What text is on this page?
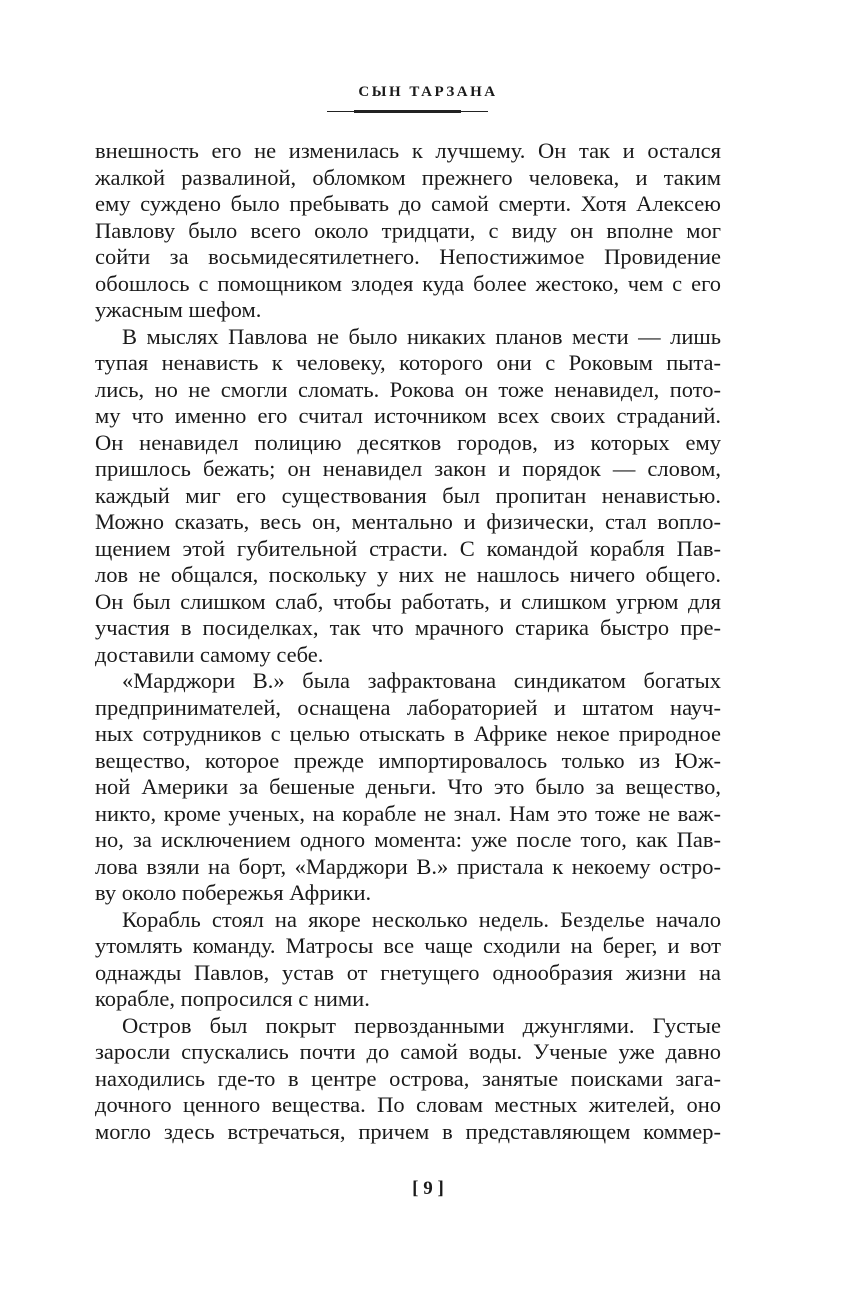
СЫН ТАРЗАНА
внешность его не изменилась к лучшему. Он так и остался
жалкой развалиной, обломком прежнего человека, и таким
ему суждено было пребывать до самой смерти. Хотя Алексею
Павлову было всего около тридцати, с виду он вполне мог
сойти за восьмидесятилетнего. Непостижимое Провидение
обошлось с помощником злодея куда более жестоко, чем с его
ужасным шефом.
В мыслях Павлова не было никаких планов мести — лишь
тупая ненависть к человеку, которого они с Роковым пыта-
лись, но не смогли сломать. Рокова он тоже ненавидел, пото-
му что именно его считал источником всех своих страданий.
Он ненавидел полицию десятков городов, из которых ему
пришлось бежать; он ненавидел закон и порядок — словом,
каждый миг его существования был пропитан ненавистью.
Можно сказать, весь он, ментально и физически, стал вопло-
щением этой губительной страсти. С командой корабля Пав-
лов не общался, поскольку у них не нашлось ничего общего.
Он был слишком слаб, чтобы работать, и слишком угрюм для
участия в посиделках, так что мрачного старика быстро пре-
доставили самому себе.
«Марджори В.» была зафрактована синдикатом богатых
предпринимателей, оснащена лабораторией и штатом науч-
ных сотрудников с целью отыскать в Африке некое природное
вещество, которое прежде импортировалось только из Юж-
ной Америки за бешеные деньги. Что это было за вещество,
никто, кроме ученых, на корабле не знал. Нам это тоже не важ-
но, за исключением одного момента: уже после того, как Пав-
лова взяли на борт, «Марджори В.» пристала к некоему остро-
ву около побережья Африки.
Корабль стоял на якоре несколько недель. Безделье начало
утомлять команду. Матросы все чаще сходили на берег, и вот
однажды Павлов, устав от гнетущего однообразия жизни на
корабле, попросился с ними.
Остров был покрыт первозданными джунглями. Густые
заросли спускались почти до самой воды. Ученые уже давно
находились где-то в центре острова, занятые поисками зага-
дочного ценного вещества. По словам местных жителей, оно
могло здесь встречаться, причем в представляющем коммер-
[ 9 ]
